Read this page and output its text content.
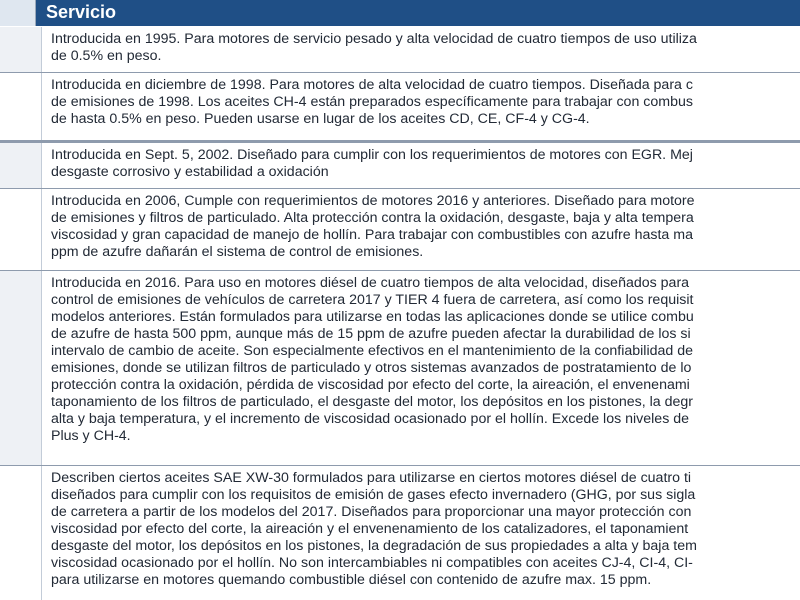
Servicio
Introducida en 1995. Para motores de servicio pesado y alta velocidad de cuatro tiempos de uso utiliza
de 0.5% en peso.
Introducida en diciembre de 1998. Para motores de alta velocidad de cuatro tiempos. Diseñada para c
de emisiones de 1998. Los aceites CH-4 están preparados específicamente para trabajar con combus
de hasta 0.5% en peso. Pueden usarse en lugar de los aceites CD, CE, CF-4 y CG-4.
Introducida en Sept. 5, 2002. Diseñado para cumplir con los requerimientos de motores con EGR. Mej
desgaste corrosivo y estabilidad a oxidación
Introducida en 2006, Cumple con requerimientos de motores 2016 y anteriores. Diseñado para motore
de emisiones y filtros de particulado. Alta protección contra la oxidación, desgaste, baja y alta tempera
viscosidad y gran capacidad de manejo de hollín. Para trabajar con combustibles con azufre hasta ma
ppm de azufre dañarán el sistema de control de emisiones.
Introducida en 2016. Para uso en motores diésel de cuatro tiempos de alta velocidad, diseñados para
control de emisiones de vehículos de carretera 2017 y TIER 4 fuera de carretera, así como los requisit
modelos anteriores. Están formulados para utilizarse en todas las aplicaciones donde se utilice combu
de azufre de hasta 500 ppm, aunque más de 15 ppm de azufre pueden afectar la durabilidad de los si
intervalo de cambio de aceite. Son especialmente efectivos en el mantenimiento de la confiabilidad de
emisiones, donde se utilizan filtros de particulado y otros sistemas avanzados de postratamiento de lo
protección contra la oxidación, pérdida de viscosidad por efecto del corte, la aireación, el envenenami
taponamiento de los filtros de particulado, el desgaste del motor, los depósitos en los pistones, la degr
alta y baja temperatura, y el incremento de viscosidad ocasionado por el hollín. Excede los niveles de
Plus y CH-4.
Describen ciertos aceites SAE XW-30 formulados para utilizarse en ciertos motores diésel de cuatro ti
diseñados para cumplir con los requisitos de emisión de gases efecto invernadero (GHG, por sus sigla
de carretera a partir de los modelos del 2017. Diseñados para proporcionar una mayor protección con
viscosidad por efecto del corte, la aireación y el envenenamiento de los catalizadores, el taponamient
desgaste del motor, los depósitos en los pistones, la degradación de sus propiedades a alta y baja tem
viscosidad ocasionado por el hollín. No son intercambiables ni compatibles con aceites CJ-4, CI-4, CI-
para utilizarse en motores quemando combustible diésel con contenido de azufre max. 15 ppm.
